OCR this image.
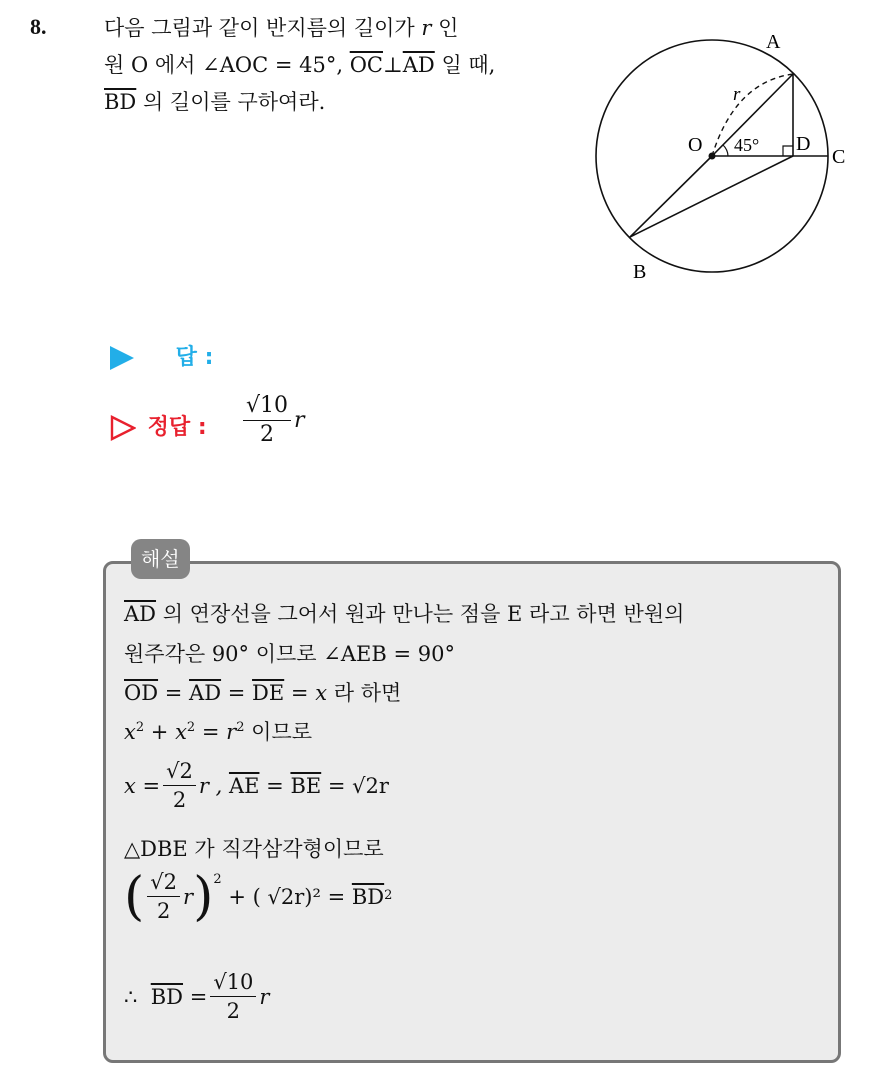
8.	다음 그림과 같이 반지름의 길이가 r 인
원 O 에서 ∠AOC = 45°, $\overline{OC}\perp\overline{AD}$ 일 때,
$\overline{BD}$ 의 길이를 구하여라.
A
B
C
D
O
r
45°
답 :
정답 : $\frac{√10}{2}$ r
해설
$\overline{AD}$ 의 연장선을 그어서 원과 만나는 점을 E 라고 하면 반원의
원주각은 90° 이므로 ∠AEB = 90°
$\overline{OD} = \overline{AD} = \overline{DE} = x$ 라 하면
$x^2 + x^2 = r^2$ 이므로
$x = \frac{√2}{2}$ r ,
$\overline{AE}$
=
$\overline{BE}$
= √2r
△DBE 가 직각삼각형이므로
( $\frac{√2}{2}$ r )$^2$

+ ( √2r)² =
$\overline{BD}$ 2
∴
$\overline{BD}$
= $\frac{√10}{2}$ r
